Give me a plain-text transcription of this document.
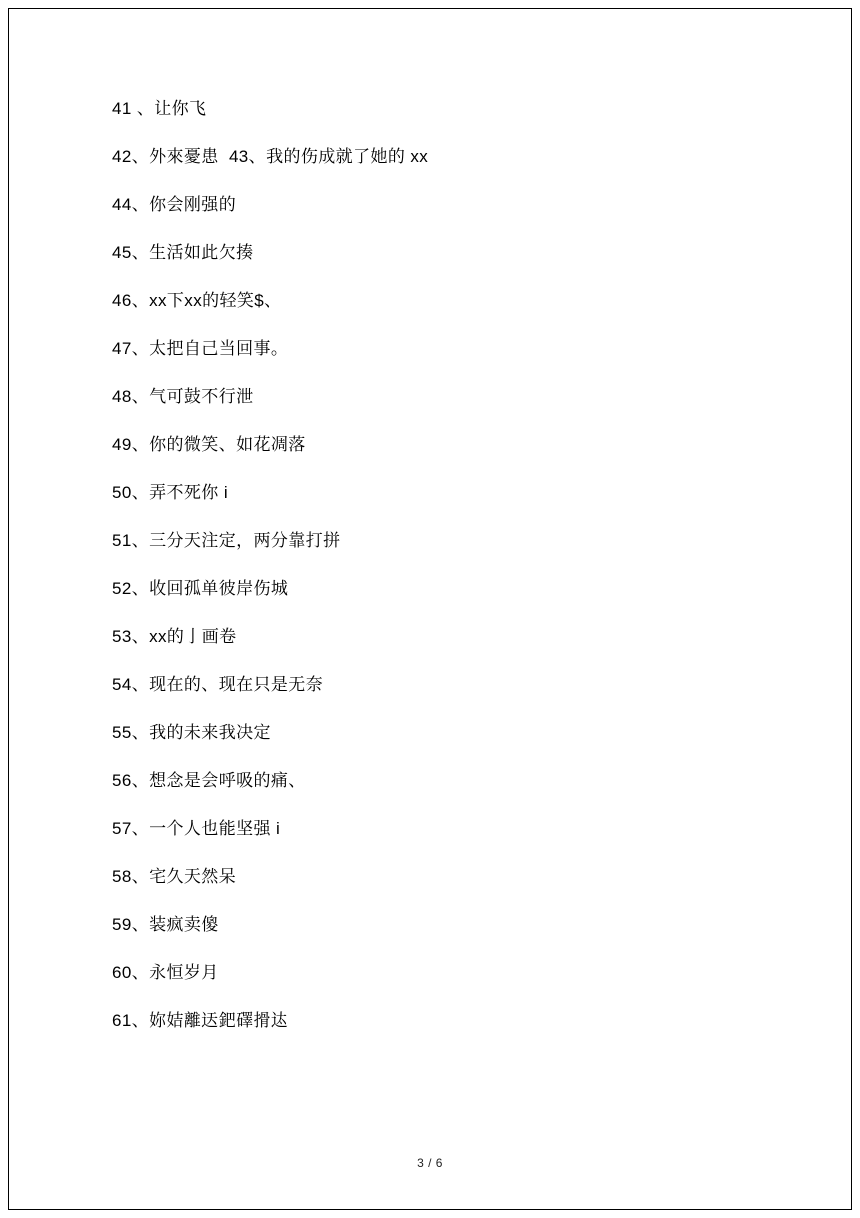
41 、让你飞

42、外來憂患  43、我的伤成就了她的 xx

44、你会刚强的

45、生活如此欠揍

46、xx下xx的轻笑$、

47、太把自己当回事。

48、气可鼓不行泄

49、你的微笑、如花凋落

50、弄不死你 i

51、三分天注定，两分靠打拼

52、收回孤单彼岸伤城

53、xx的亅画卷

54、现在的、现在只是无奈

55、我的未来我决定

56、想念是会呼吸的痛、

57、一个人也能坚强 i

58、宅久天然呆

59、装疯卖傻

60、永恒岁月

61、妳姞離迗鈀礋搰迏

3 / 6
